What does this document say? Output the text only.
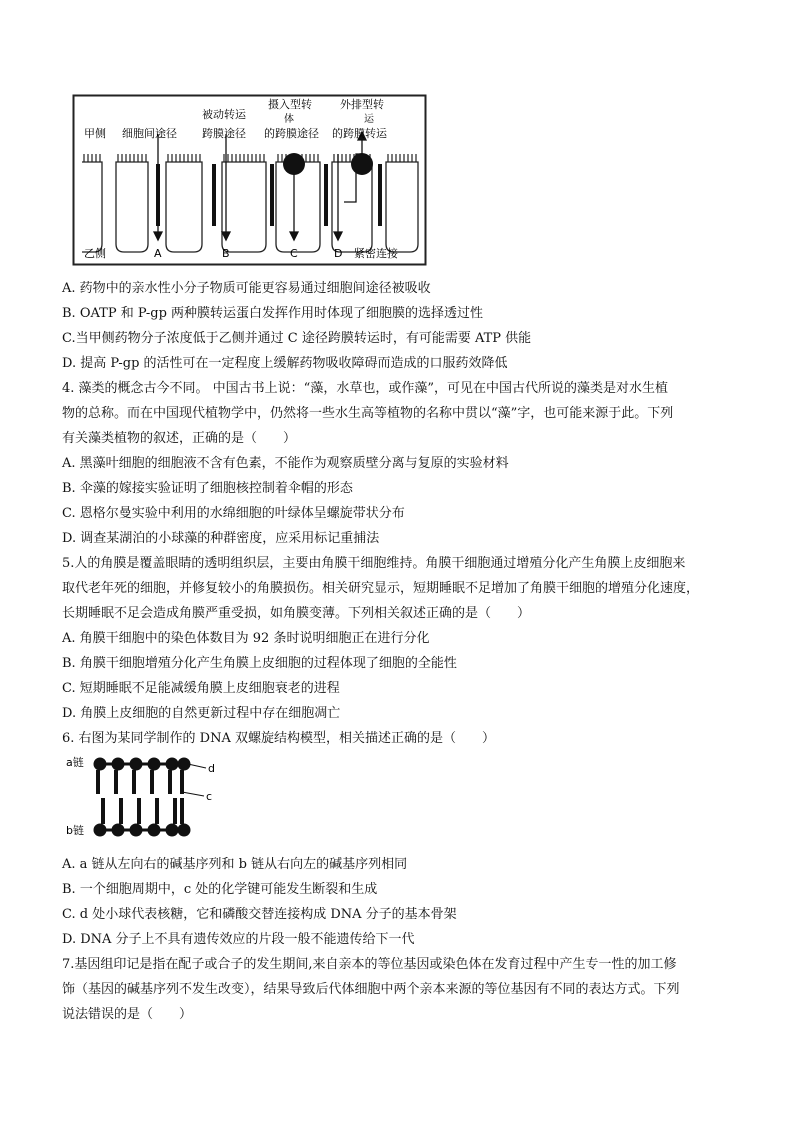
甲侧 细胞间途径
被动转运
跨膜途径
摄入型转
体
的跨膜途径
外排型转
运
的跨膜转运
乙侧	A	B	C	D 紧密连接
A. 药物中的亲水性小分子物质可能更容易通过细胞间途径被吸收
B. OATP 和 P-gp 两种膜转运蛋白发挥作用时体现了细胞膜的选择透过性
C.当甲侧药物分子浓度低于乙侧并通过 C 途径跨膜转运时，有可能需要 ATP 供能
D. 提高 P-gp 的活性可在一定程度上缓解药物吸收障碍而造成的口服药效降低
4. 藻类的概念古今不同。 中国古书上说：“藻，水草也，或作藻”，可见在中国古代所说的藻类是对水生植
物的总称。而在中国现代植物学中，仍然将一些水生高等植物的名称中贯以“藻”字，也可能来源于此。下列
有关藻类植物的叙述，正确的是（　　）
A. 黑藻叶细胞的细胞液不含有色素，不能作为观察质壁分离与复原的实验材料
B. 伞藻的嫁接实验证明了细胞核控制着伞帽的形态
C. 恩格尔曼实验中利用的水绵细胞的叶绿体呈螺旋带状分布
D. 调查某湖泊的小球藻的种群密度，应采用标记重捕法
5.人的角膜是覆盖眼睛的透明组织层，主要由角膜干细胞维持。角膜干细胞通过增殖分化产生角膜上皮细胞来
取代老年死的细胞，并修复较小的角膜损伤。相关研究显示，短期睡眠不足增加了角膜干细胞的增殖分化速度，
长期睡眠不足会造成角膜严重受损，如角膜变薄。下列相关叙述正确的是（　　）
A. 角膜干细胞中的染色体数目为 92 条时说明细胞正在进行分化
B. 角膜干细胞增殖分化产生角膜上皮细胞的过程体现了细胞的全能性
C. 短期睡眠不足能减缓角膜上皮细胞衰老的进程
D. 角膜上皮细胞的自然更新过程中存在细胞凋亡
6. 右图为某同学制作的 DNA 双螺旋结构模型，相关描述正确的是（　　）
A. a 链从左向右的碱基序列和 b 链从右向左的碱基序列相同
B. 一个细胞周期中，c 处的化学键可能发生断裂和生成
C. d 处小球代表核糖，它和磷酸交替连接构成 DNA 分子的基本骨架
D. DNA 分子上不具有遗传效应的片段一般不能遗传给下一代
7.基因组印记是指在配子或合子的发生期间,来自亲本的等位基因或染色体在发育过程中产生专一性的加工修
饰（基因的碱基序列不发生改变），结果导致后代体细胞中两个亲本来源的等位基因有不同的表达方式。下列
说法错误的是（　　）
a链
b链
d
c
